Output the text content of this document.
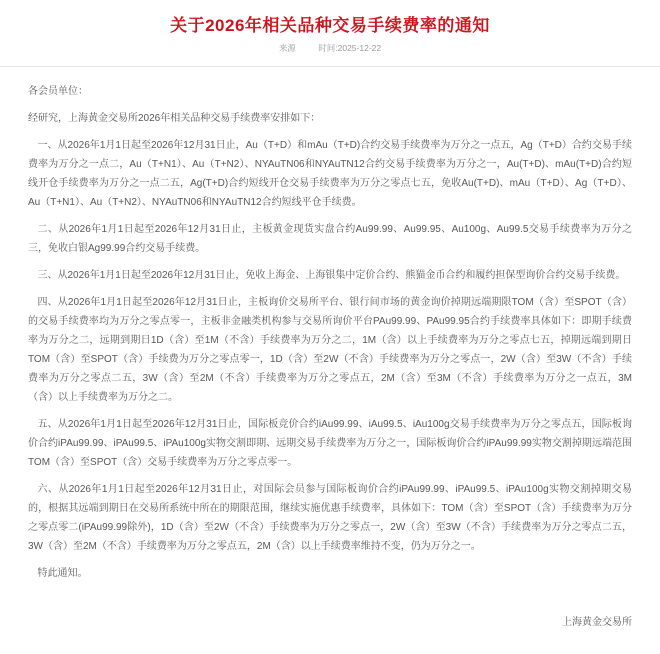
关于2026年相关品种交易手续费率的通知
来源	时间:2025-12-22

各会员单位：

经研究，上海黄金交易所2026年相关品种交易手续费率安排如下：

一、从2026年1月1日起至2026年12月31日止，Au（T+D）和mAu（T+D)合约交易手续费率为万分之一点五，Ag（T+D）合约交易手续费率为万分之一点二，Au（T+N1）、Au（T+N2）、NYAuTN06和NYAuTN12合约交易手续费率为万分之一，Au(T+D)、mAu(T+D)合约短线开仓手续费率为万分之一点二五，Ag(T+D)合约短线开仓交易手续费率为万分之零点七五，免收Au(T+D)、mAu（T+D）、Ag（T+D）、Au（T+N1）、Au（T+N2）、NYAuTN06和NYAuTN12合约短线平仓手续费。

二、从2026年1月1日起至2026年12月31日止，主板黄金现货实盘合约Au99.99、Au99.95、Au100g、Au99.5交易手续费率为万分之三，免收白银Ag99.99合约交易手续费。

三、从2026年1月1日起至2026年12月31日止，免收上海金、上海银集中定价合约、熊猫金币合约和履约担保型询价合约交易手续费。

四、从2026年1月1日起至2026年12月31日止，主板询价交易所平台、银行间市场的黄金询价掉期远端期限TOM（含）至SPOT（含）的交易手续费率均为万分之零点零一，主板非金融类机构参与交易所询价平台PAu99.99、PAu99.95合约手续费率具体如下：即期手续费率为万分之二，远期到期日1D（含）至1M（不含）手续费率为万分之二，1M（含）以上手续费率为万分之零点七五，掉期远端到期日TOM（含）至SPOT（含）手续费为万分之零点零一，1D（含）至2W（不含）手续费率为万分之零点一，2W（含）至3W（不含）手续费率为万分之零点二五，3W（含）至2M（不含）手续费率为万分之零点五，2M（含）至3M（不含）手续费率为万分之一点五，3M（含）以上手续费率为万分之二。

五、从2026年1月1日起至2026年12月31日止，国际板竞价合约iAu99.99、iAu99.5、iAu100g交易手续费率为万分之零点五，国际板询价合约iPAu99.99、iPAu99.5、iPAu100g实物交割即期、远期交易手续费率为万分之一，国际板询价合约iPAu99.99实物交割掉期远端范围TOM（含）至SPOT（含）交易手续费率为万分之零点零一。

六、从2026年1月1日起至2026年12月31日止，对国际会员参与国际板询价合约iPAu99.99、iPAu99.5、iPAu100g实物交割掉期交易的，根据其远端到期日在交易所系统中所在的期限范围，继续实施优惠手续费率，具体如下：TOM（含）至SPOT（含）手续费率为万分之零点零二(iPAu99.99除外)，1D（含）至2W（不含）手续费率为万分之零点一，2W（含）至3W（不含）手续费率为万分之零点二五，3W（含）至2M（不含）手续费率为万分之零点五，2M（含）以上手续费率维持不变，仍为万分之一。

特此通知。

上海黄金交易所
